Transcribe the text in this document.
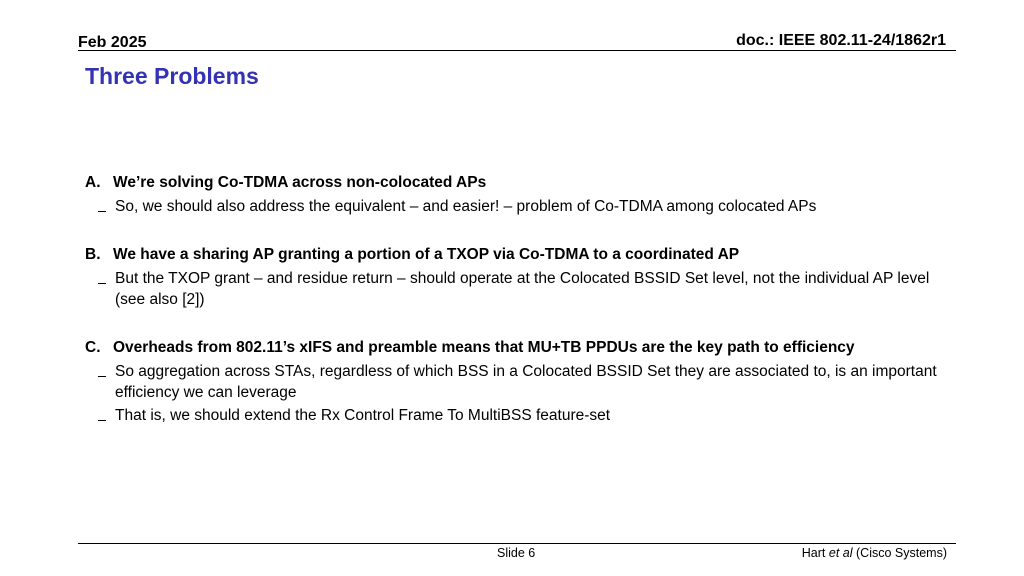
Feb 2025	doc.: IEEE 802.11-24/1862r1
Three Problems
A. We’re solving Co-TDMA across non-colocated APs
So, we should also address the equivalent – and easier! – problem of Co-TDMA among colocated APs
B. We have a sharing AP granting a portion of a TXOP via Co-TDMA to a coordinated AP
But the TXOP grant – and residue return – should operate at the Colocated BSSID Set level, not the individual AP level (see also [2])
C. Overheads from 802.11’s xIFS and preamble means that MU+TB PPDUs are the key path to efficiency
So aggregation across STAs, regardless of which BSS in a Colocated BSSID Set they are associated to, is an important efficiency we can leverage
That is, we should extend the Rx Control Frame To MultiBSS feature-set
Slide 6	Hart et al (Cisco Systems)
